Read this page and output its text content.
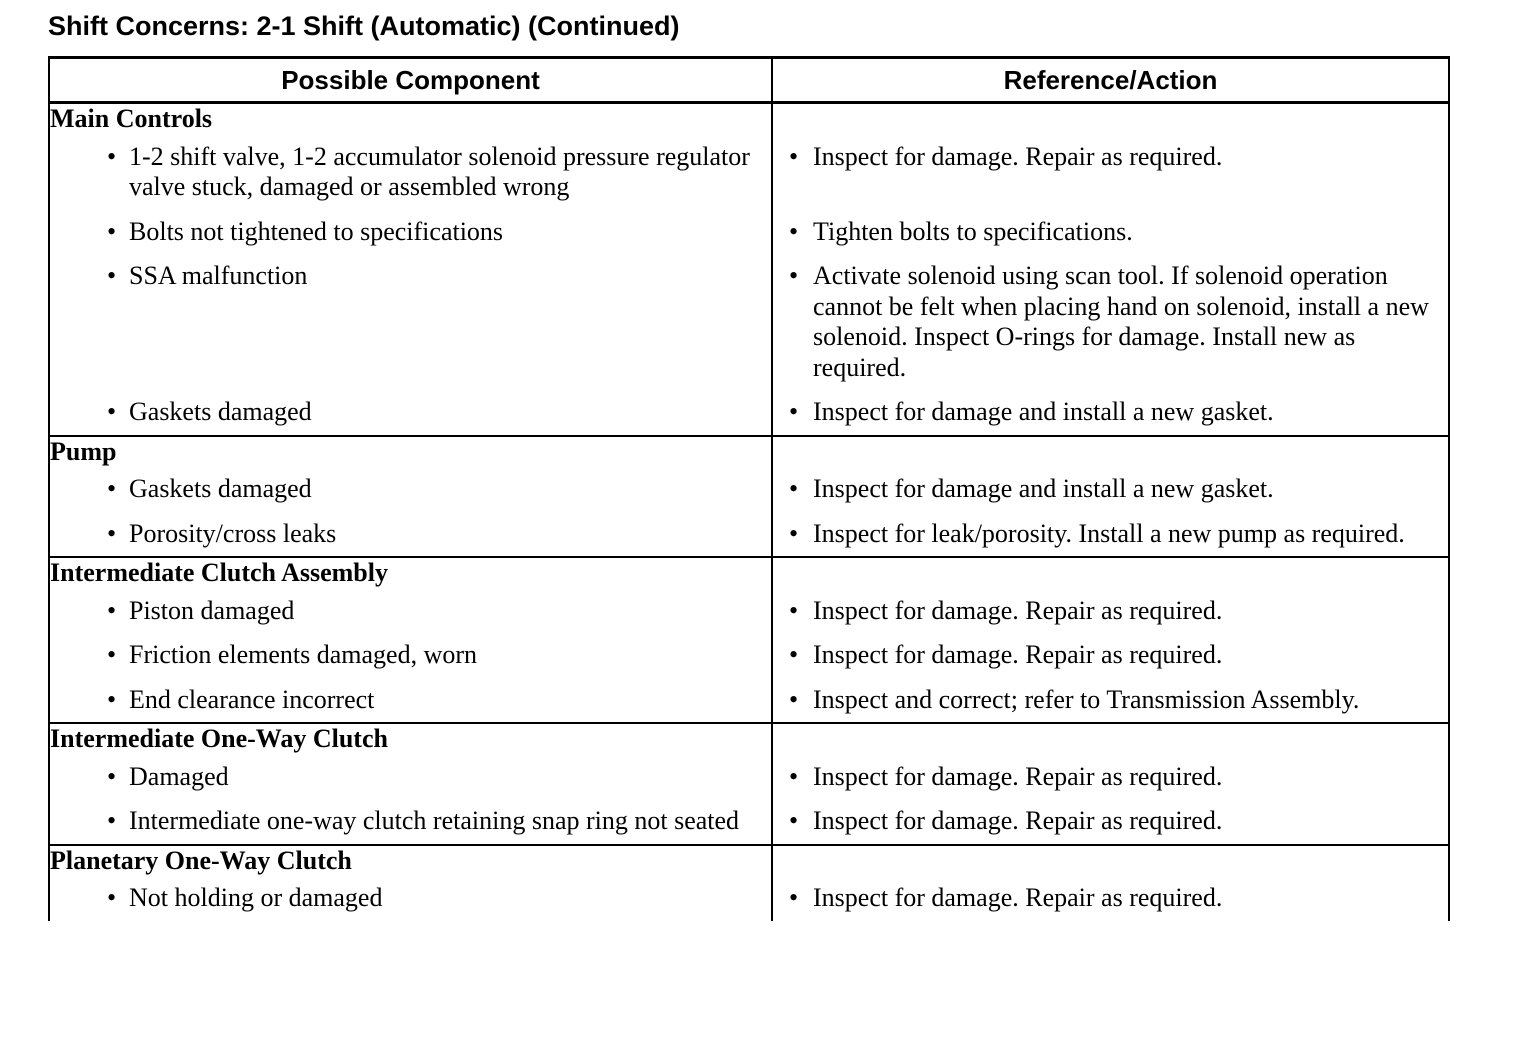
Shift Concerns: 2-1 Shift (Automatic) (Continued)
Possible Component	Reference/Action
Main Controls	

• 1-2 shift valve, 1-2 accumulator solenoid pressure regulator valve stuck, damaged or assembled wrong	• Inspect for damage. Repair as required.

• Bolts not tightened to specifications	• Tighten bolts to specifications.

• SSA malfunction	• Activate solenoid using scan tool. If solenoid operation cannot be felt when placing hand on solenoid, install a new solenoid. Inspect O-rings for damage. Install new as required.

• Gaskets damaged	• Inspect for damage and install a new gasket.

Pump	

• Gaskets damaged	• Inspect for damage and install a new gasket.

• Porosity/cross leaks	• Inspect for leak/porosity. Install a new pump as required.

Intermediate Clutch Assembly	

• Piston damaged	• Inspect for damage. Repair as required.

• Friction elements damaged, worn	• Inspect for damage. Repair as required.

• End clearance incorrect	• Inspect and correct; refer to Transmission Assembly.

Intermediate One-Way Clutch	

• Damaged	• Inspect for damage. Repair as required.

• Intermediate one-way clutch retaining snap ring not seated	• Inspect for damage. Repair as required.

Planetary One-Way Clutch	

• Not holding or damaged	• Inspect for damage. Repair as required.
